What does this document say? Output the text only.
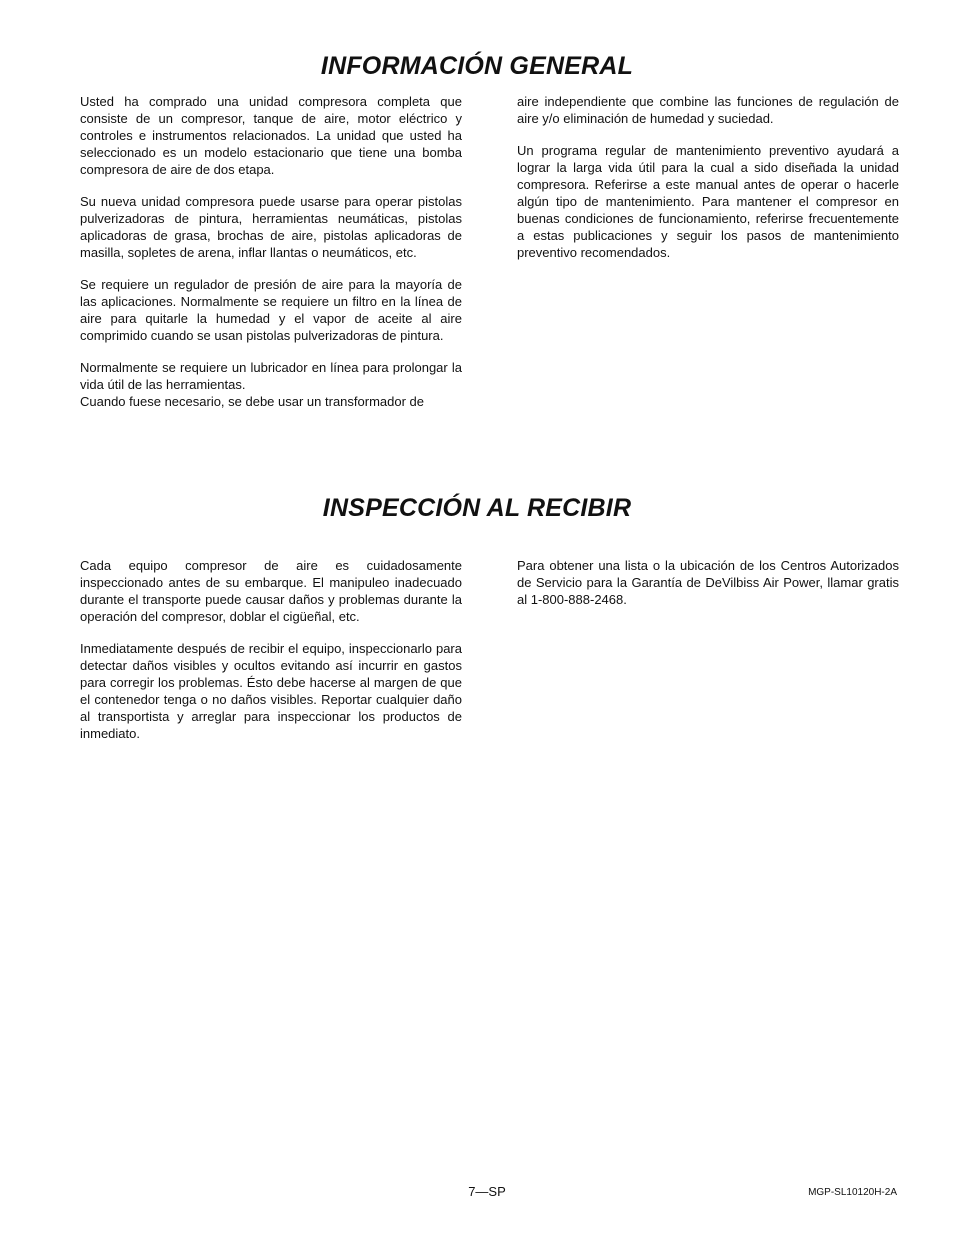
INFORMACIÓN GENERAL

Usted ha comprado una unidad compresora completa que consiste de un compresor, tanque de aire, motor eléctrico y controles e instrumentos relacionados. La unidad que usted ha seleccionado es un modelo estacionario que tiene una bomba compresora de aire de dos etapa.

Su nueva unidad compresora puede usarse para operar pistolas pulverizadoras de pintura, herramientas neumáticas, pistolas aplicadoras de grasa, brochas de aire, pistolas aplicadoras de masilla, sopletes de arena, inflar llantas o neumáticos, etc.

Se requiere un regulador de presión de aire para la mayoría de las aplicaciones. Normalmente se requiere un filtro en la línea de aire para quitarle la humedad y el vapor de aceite al aire comprimido cuando se usan pistolas pulverizadoras de pintura.

Normalmente se requiere un lubricador en línea para prolongar la vida útil de las herramientas.

Cuando fuese necesario, se debe usar un transformador de

aire independiente que combine las funciones de regulación de aire y/o eliminación de humedad y suciedad.

Un programa regular de mantenimiento preventivo ayudará a lograr la larga vida útil para la cual a sido diseñada la unidad compresora. Referirse a este manual antes de operar o hacerle algún tipo de mantenimiento. Para mantener el compresor en buenas condiciones de funcionamiento, referirse frecuentemente a estas publicaciones y seguir los pasos de mantenimiento preventivo recomendados.

INSPECCIÓN AL RECIBIR

Cada equipo compresor de aire es cuidadosamente inspeccionado antes de su embarque. El manipuleo inadecuado durante el transporte puede causar daños y problemas durante la operación del compresor, doblar el cigüeñal, etc.

Inmediatamente después de recibir el equipo, inspeccionarlo para detectar daños visibles y ocultos evitando así incurrir en gastos para corregir los problemas. Ésto debe hacerse al margen de que el contenedor tenga o no daños visibles. Reportar cualquier daño al transportista y arreglar para inspeccionar los productos de inmediato.

Para obtener una lista o la ubicación de los Centros Autorizados de Servicio para la Garantía de DeVilbiss Air Power, llamar gratis al 1-800-888-2468.

7—SP	MGP-SL10120H-2A
